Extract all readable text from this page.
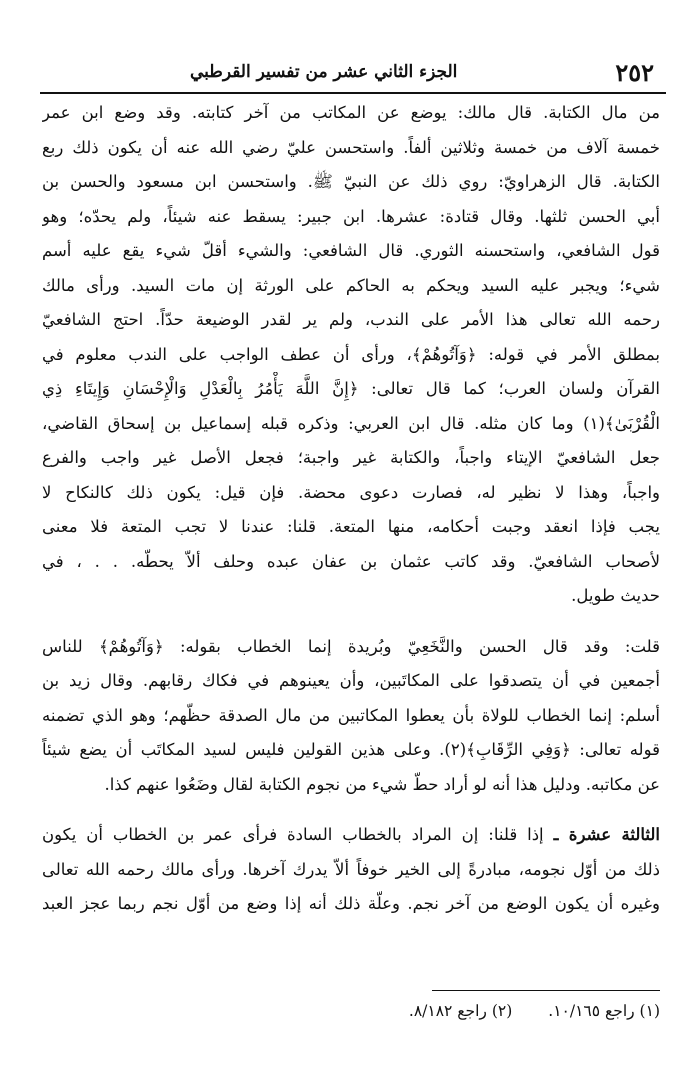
٢٥٢
الجزء الثاني عشر من تفسير القرطبي

من مال الكتابة. قال مالك: يوضع عن المكاتب من آخر كتابته. وقد وضع ابن عمر
خمسة آلاف من خمسة وثلاثين ألفاً. واستحسن عليّ رضي الله عنه أن يكون ذلك ربع
الكتابة. قال الزهراويّ: روي ذلك عن النبيّ ﷺ. واستحسن ابن مسعود والحسن بن
أبي الحسن ثلثها. وقال قتادة: عشرها. ابن جبير: يسقط عنه شيئاً، ولم يحدّه؛ وهو
قول الشافعي، واستحسنه الثوري. قال الشافعي: والشيء أقلّ شيء يقع عليه أسم
شيء؛ ويجبر عليه السيد ويحكم به الحاكم على الورثة إن مات السيد. ورأى مالك
رحمه الله تعالى هذا الأمر على الندب، ولم ير لقدر الوضيعة حدّاً. احتج الشافعيّ
بمطلق الأمر في قوله: ﴿وَآتُوهُمْ﴾، ورأى أن عطف الواجب على الندب معلوم في
القرآن ولسان العرب؛ كما قال تعالى: ﴿إِنَّ اللَّهَ يَأْمُرُ بِالْعَدْلِ وَالْإِحْسَانِ وَإِيتَاءِ ذِي
الْقُرْبَىٰ﴾(١) وما كان مثله. قال ابن العربي: وذكره قبله إسماعيل بن إسحاق القاضي،
جعل الشافعيّ الإيتاء واجباً، والكتابة غير واجبة؛ فجعل الأصل غير واجب والفرع
واجباً، وهذا لا نظير له، فصارت دعوى محضة. فإن قيل: يكون ذلك كالنكاح لا
يجب فإذا انعقد وجبت أحكامه، منها المتعة. قلنا: عندنا لا تجب المتعة فلا معنى
لأصحاب الشافعيّ. وقد كاتب عثمان بن عفان عبده وحلف ألاّ يحطّه. . . ، في
حديث طويل.

قلت: وقد قال الحسن والنَّخَعِيّ وبُريدة إنما الخطاب بقوله: ﴿وَآتُوهُمْ﴾ للناس
أجمعين في أن يتصدقوا على المكاتَبين، وأن يعينوهم في فكاك رقابهم. وقال زيد بن
أسلم: إنما الخطاب للولاة بأن يعطوا المكاتبين من مال الصدقة حظّهم؛ وهو الذي تضمنه
قوله تعالى: ﴿وَفِي الرِّقَابِ﴾(٢). وعلى هذين القولين فليس لسيد المكاتَب أن يضع شيئاً
عن مكاتبه. ودليل هذا أنه لو أراد حطّ شيء من نجوم الكتابة لقال وضَعُوا عنهم كذا.

الثالثة عشرة ـ إذا قلنا: إن المراد بالخطاب السادة فرأى عمر بن الخطاب أن يكون
ذلك من أوّل نجومه، مبادرةً إلى الخير خوفاً ألاّ يدرك آخرها. ورأى مالك رحمه الله تعالى
وغيره أن يكون الوضع من آخر نجم. وعلّة ذلك أنه إذا وضع من أوّل نجم ربما عجز العبد

(١) راجع ١٠/١٦٥.
(٢) راجع ٨/١٨٢.
